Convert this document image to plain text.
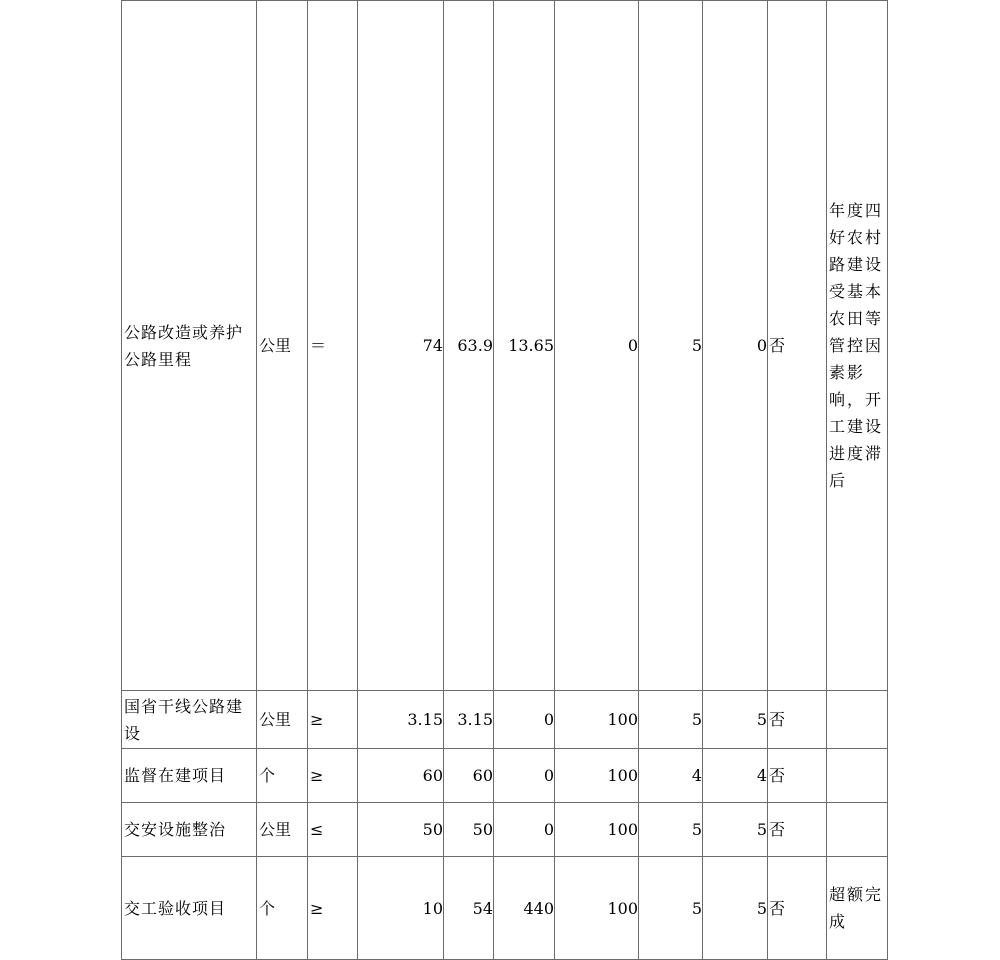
公路改造或养护公路里程	公里	＝	74	63.9	13.65	0	5	0	否	年度四好农村路建设受基本农田等管控因素影响，开工建设进度滞后
国省干线公路建设	公里	≥	3.15	3.15	0	100	5	5	否	
监督在建项目	个	≥	60	60	0	100	4	4	否	
交安设施整治	公里	≤	50	50	0	100	5	5	否	
交工验收项目	个	≥	10	54	440	100	5	5	否	超额完成
